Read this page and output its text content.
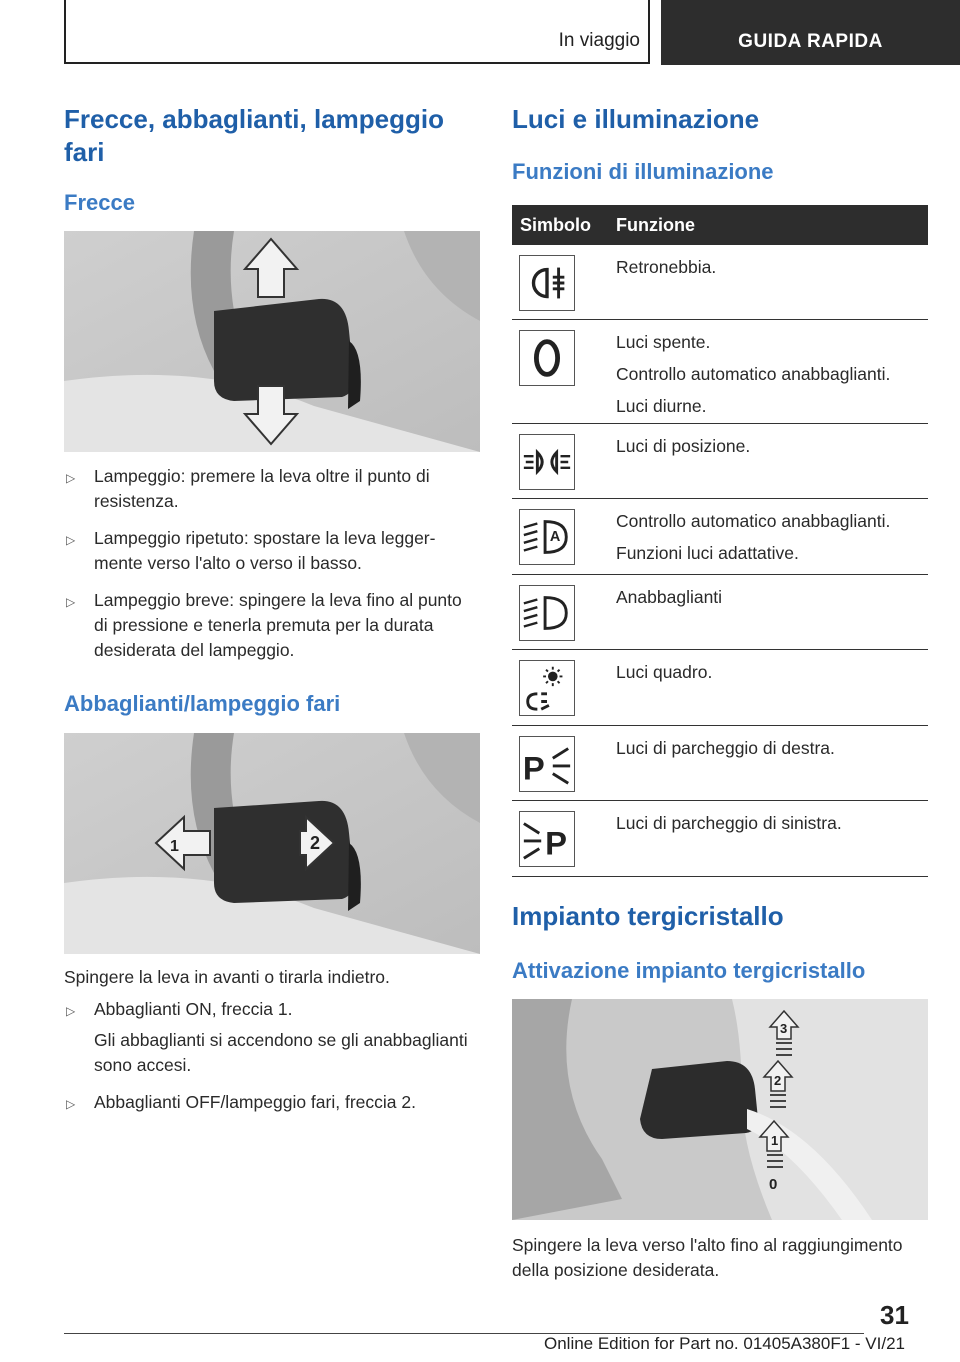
In viaggio	GUIDA RAPIDA
Frecce, abbaglianti, lampeggio fari
Frecce
▷ Lampeggio: premere la leva oltre il punto di resistenza.
▷ Lampeggio ripetuto: spostare la leva leggermente verso l'alto o verso il basso.
▷ Lampeggio breve: spingere la leva fino al punto di pressione e tenerla premuta per la durata desiderata del lampeggio.
Abbaglianti/lampeggio fari
1	2
Spingere la leva in avanti o tirarla indietro.
▷ Abbaglianti ON, freccia 1.
Gli abbaglianti si accendono se gli anabbaglianti sono accesi.
▷ Abbaglianti OFF/lampeggio fari, freccia 2.
Luci e illuminazione
Funzioni di illuminazione
Simbolo Funzione
Retronebbia.
Luci spente.
Controllo automatico anabbaglianti.
Luci diurne.
Luci di posizione.
A
Controllo automatico anabbaglianti.
Funzioni luci adattative.
Anabbaglianti
Luci quadro.
P
Luci di parcheggio di destra.
P
Luci di parcheggio di sinistra.
Impianto tergicristallo
Attivazione impianto tergicristallo
3
2
1
0
Spingere la leva verso l'alto fino al raggiungimento della posizione desiderata.
31
Online Edition for Part no. 01405A380F1 - VI/21
